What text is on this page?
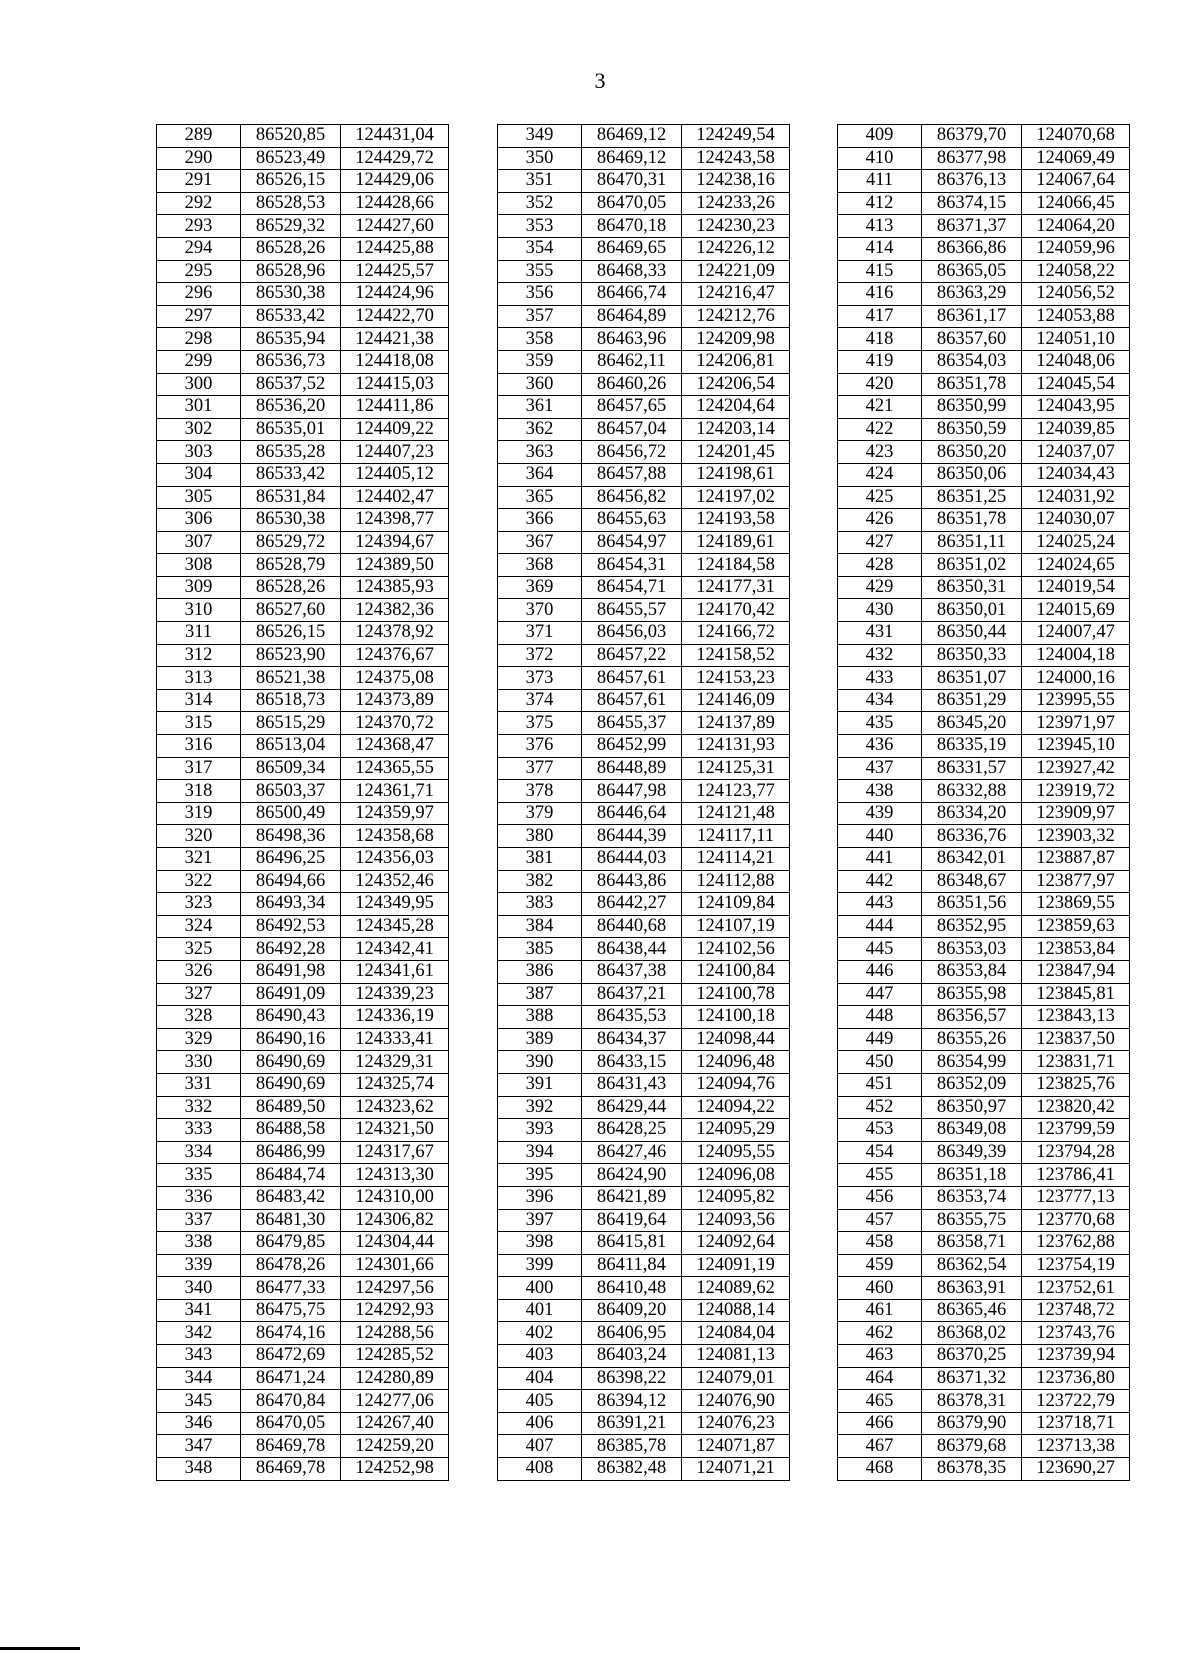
3
289	86520,85	124431,04
290	86523,49	124429,72
291	86526,15	124429,06
292	86528,53	124428,66
293	86529,32	124427,60
294	86528,26	124425,88
295	86528,96	124425,57
296	86530,38	124424,96
297	86533,42	124422,70
298	86535,94	124421,38
299	86536,73	124418,08
300	86537,52	124415,03
301	86536,20	124411,86
302	86535,01	124409,22
303	86535,28	124407,23
304	86533,42	124405,12
305	86531,84	124402,47
306	86530,38	124398,77
307	86529,72	124394,67
308	86528,79	124389,50
309	86528,26	124385,93
310	86527,60	124382,36
311	86526,15	124378,92
312	86523,90	124376,67
313	86521,38	124375,08
314	86518,73	124373,89
315	86515,29	124370,72
316	86513,04	124368,47
317	86509,34	124365,55
318	86503,37	124361,71
319	86500,49	124359,97
320	86498,36	124358,68
321	86496,25	124356,03
322	86494,66	124352,46
323	86493,34	124349,95
324	86492,53	124345,28
325	86492,28	124342,41
326	86491,98	124341,61
327	86491,09	124339,23
328	86490,43	124336,19
329	86490,16	124333,41
330	86490,69	124329,31
331	86490,69	124325,74
332	86489,50	124323,62
333	86488,58	124321,50
334	86486,99	124317,67
335	86484,74	124313,30
336	86483,42	124310,00
337	86481,30	124306,82
338	86479,85	124304,44
339	86478,26	124301,66
340	86477,33	124297,56
341	86475,75	124292,93
342	86474,16	124288,56
343	86472,69	124285,52
344	86471,24	124280,89
345	86470,84	124277,06
346	86470,05	124267,40
347	86469,78	124259,20
348	86469,78	124252,98
349	86469,12	124249,54
350	86469,12	124243,58
351	86470,31	124238,16
352	86470,05	124233,26
353	86470,18	124230,23
354	86469,65	124226,12
355	86468,33	124221,09
356	86466,74	124216,47
357	86464,89	124212,76
358	86463,96	124209,98
359	86462,11	124206,81
360	86460,26	124206,54
361	86457,65	124204,64
362	86457,04	124203,14
363	86456,72	124201,45
364	86457,88	124198,61
365	86456,82	124197,02
366	86455,63	124193,58
367	86454,97	124189,61
368	86454,31	124184,58
369	86454,71	124177,31
370	86455,57	124170,42
371	86456,03	124166,72
372	86457,22	124158,52
373	86457,61	124153,23
374	86457,61	124146,09
375	86455,37	124137,89
376	86452,99	124131,93
377	86448,89	124125,31
378	86447,98	124123,77
379	86446,64	124121,48
380	86444,39	124117,11
381	86444,03	124114,21
382	86443,86	124112,88
383	86442,27	124109,84
384	86440,68	124107,19
385	86438,44	124102,56
386	86437,38	124100,84
387	86437,21	124100,78
388	86435,53	124100,18
389	86434,37	124098,44
390	86433,15	124096,48
391	86431,43	124094,76
392	86429,44	124094,22
393	86428,25	124095,29
394	86427,46	124095,55
395	86424,90	124096,08
396	86421,89	124095,82
397	86419,64	124093,56
398	86415,81	124092,64
399	86411,84	124091,19
400	86410,48	124089,62
401	86409,20	124088,14
402	86406,95	124084,04
403	86403,24	124081,13
404	86398,22	124079,01
405	86394,12	124076,90
406	86391,21	124076,23
407	86385,78	124071,87
408	86382,48	124071,21
409	86379,70	124070,68
410	86377,98	124069,49
411	86376,13	124067,64
412	86374,15	124066,45
413	86371,37	124064,20
414	86366,86	124059,96
415	86365,05	124058,22
416	86363,29	124056,52
417	86361,17	124053,88
418	86357,60	124051,10
419	86354,03	124048,06
420	86351,78	124045,54
421	86350,99	124043,95
422	86350,59	124039,85
423	86350,20	124037,07
424	86350,06	124034,43
425	86351,25	124031,92
426	86351,78	124030,07
427	86351,11	124025,24
428	86351,02	124024,65
429	86350,31	124019,54
430	86350,01	124015,69
431	86350,44	124007,47
432	86350,33	124004,18
433	86351,07	124000,16
434	86351,29	123995,55
435	86345,20	123971,97
436	86335,19	123945,10
437	86331,57	123927,42
438	86332,88	123919,72
439	86334,20	123909,97
440	86336,76	123903,32
441	86342,01	123887,87
442	86348,67	123877,97
443	86351,56	123869,55
444	86352,95	123859,63
445	86353,03	123853,84
446	86353,84	123847,94
447	86355,98	123845,81
448	86356,57	123843,13
449	86355,26	123837,50
450	86354,99	123831,71
451	86352,09	123825,76
452	86350,97	123820,42
453	86349,08	123799,59
454	86349,39	123794,28
455	86351,18	123786,41
456	86353,74	123777,13
457	86355,75	123770,68
458	86358,71	123762,88
459	86362,54	123754,19
460	86363,91	123752,61
461	86365,46	123748,72
462	86368,02	123743,76
463	86370,25	123739,94
464	86371,32	123736,80
465	86378,31	123722,79
466	86379,90	123718,71
467	86379,68	123713,38
468	86378,35	123690,27
